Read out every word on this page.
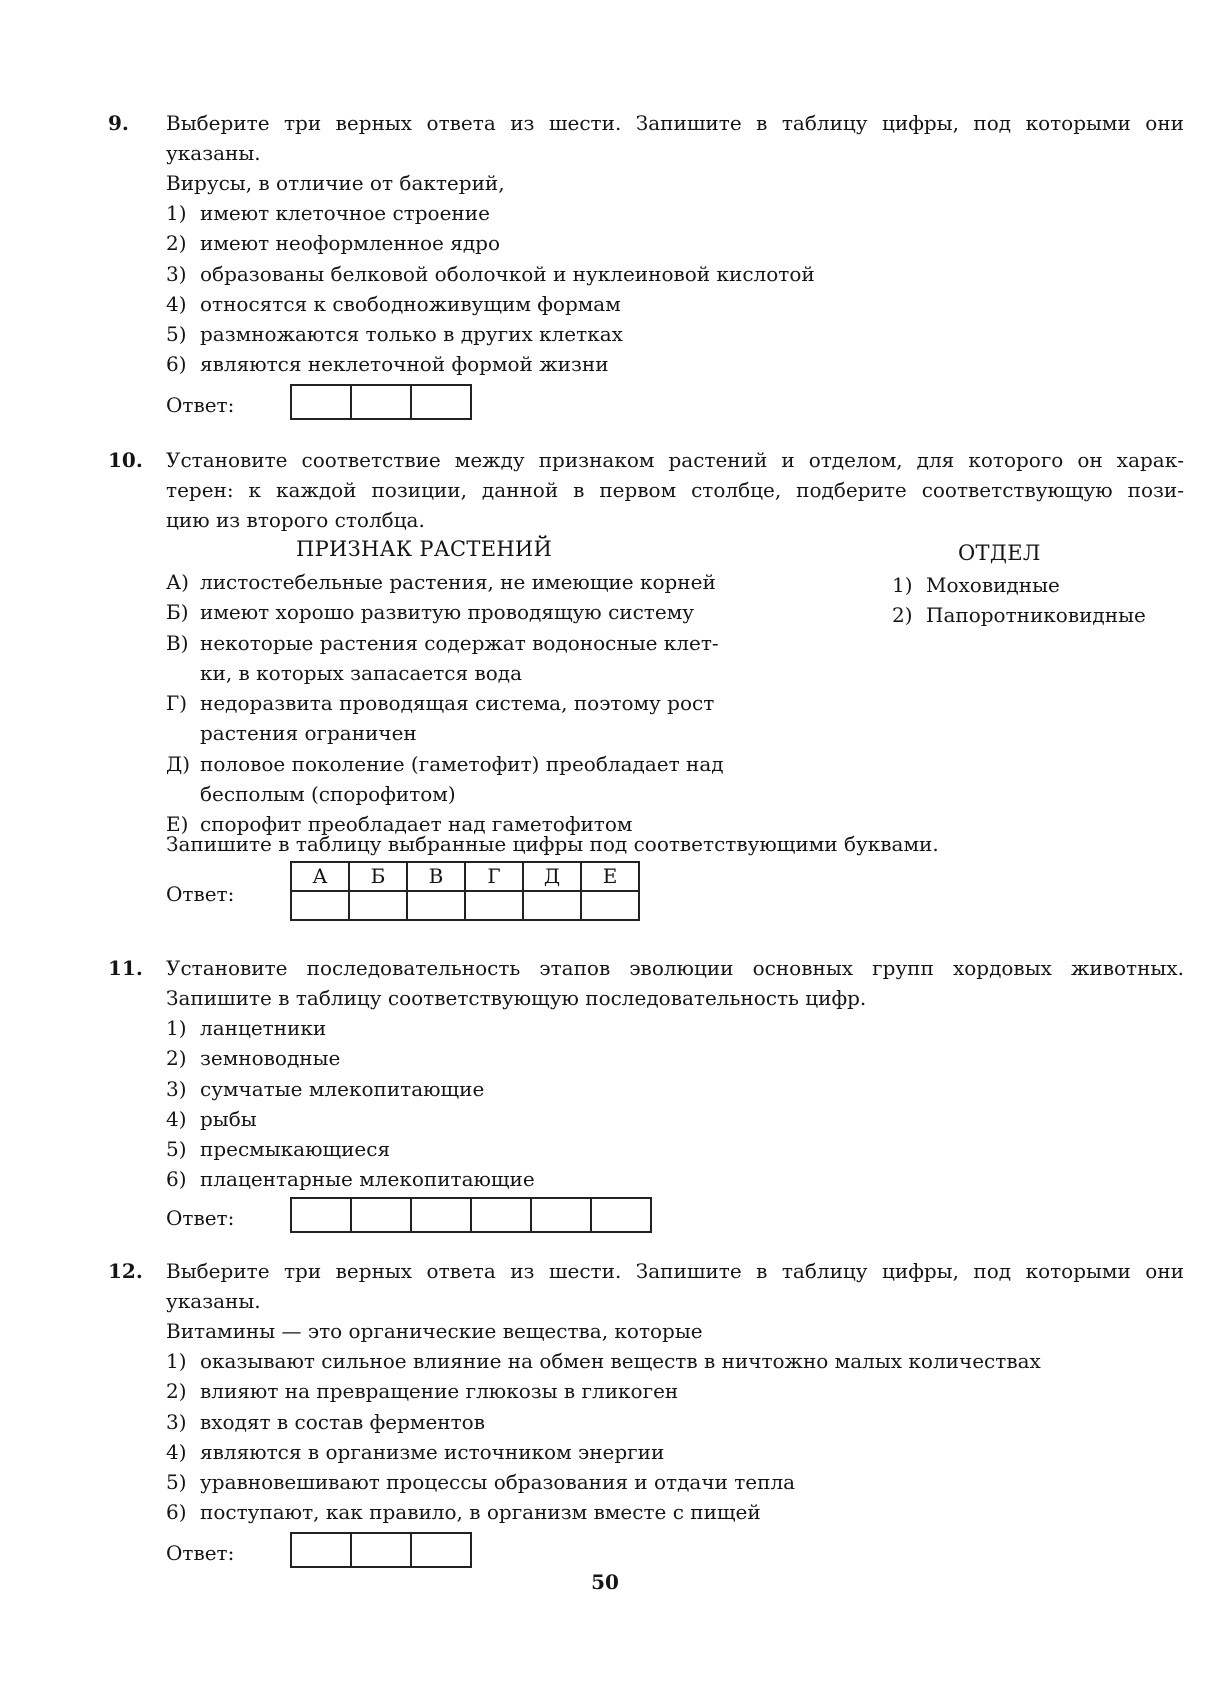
9. Выберите три верных ответа из шести. Запишите в таблицу цифры, под которыми они
указаны.
Вирусы, в отличие от бактерий,
1) имеют клеточное строение
2) имеют неоформленное ядро
3) образованы белковой оболочкой и нуклеиновой кислотой
4) относятся к свободноживущим формам
5) размножаются только в других клетках
6) являются неклеточной формой жизни
Ответ:
10. Установите соответствие между признаком растений и отделом, для которого он харак-
терен: к каждой позиции, данной в первом столбце, подберите соответствующую пози-
цию из второго столбца.
ПРИЗНАК РАСТЕНИЙ	ОТДЕЛ
А) листостебельные растения, не имеющие корней
Б) имеют хорошо развитую проводящую систему
В) некоторые растения содержат водоносные клет-
ки, в которых запасается вода
Г) недоразвита проводящая система, поэтому рост
растения ограничен
Д) половое поколение (гаметофит) преобладает над
бесполым (спорофитом)
Е) спорофит преобладает над гаметофитом
1) Моховидные
2) Папоротниковидные
Запишите в таблицу выбранные цифры под соответствующими буквами.
Ответ:
А	Б	В	Г	Д	Е

11. Установите последовательность этапов эволюции основных групп хордовых животных.
Запишите в таблицу соответствующую последовательность цифр.
1) ланцетники
2) земноводные
3) сумчатые млекопитающие
4) рыбы
5) пресмыкающиеся
6) плацентарные млекопитающие
Ответ:
12. Выберите три верных ответа из шести. Запишите в таблицу цифры, под которыми они
указаны.
Витамины — это органические вещества, которые
1) оказывают сильное влияние на обмен веществ в ничтожно малых количествах
2) влияют на превращение глюкозы в гликоген
3) входят в состав ферментов
4) являются в организме источником энергии
5) уравновешивают процессы образования и отдачи тепла
6) поступают, как правило, в организм вместе с пищей
Ответ:
50
